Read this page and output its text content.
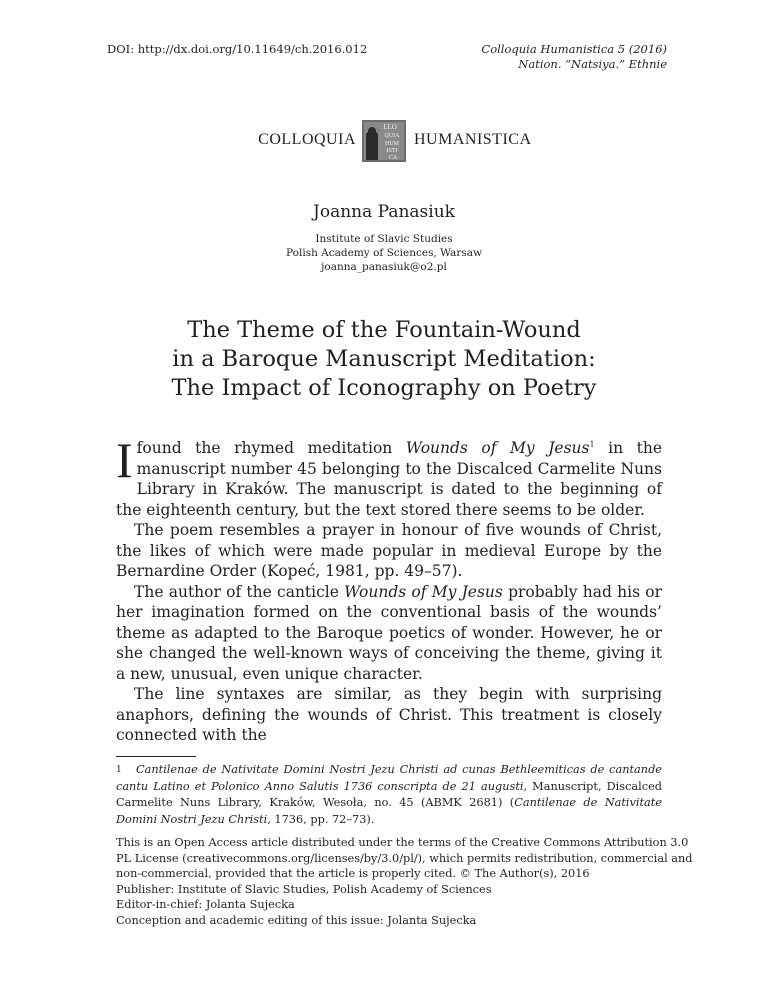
DOI: http://dx.doi.org/10.11649/ch.2016.012	Colloquia Humanistica 5 (2016)
Nation. “Natsiya.” Ethnie
COLLOQUIA
LLO
QUIA
HUM
ISTI
CA
HUMANISTICA
Joanna Panasiuk
Institute of Slavic Studies
Polish Academy of Sciences, Warsaw
joanna_panasiuk@o2.pl
The Theme of the Fountain-Wound
in a Baroque Manuscript Meditation:
The Impact of Iconography on Poetry

I found the rhymed meditation Wounds of My Jesus$^1$ in the manuscript number 45 belonging to the Discalced Carmelite Nuns Library in Kraków. The manuscript is dated to the beginning of the eighteenth century, but the text stored there seems to be older.

The poem resembles a prayer in honour of five wounds of Christ, the likes of which were made popular in medieval Europe by the Bernardine Order (Kopeć, 1981, pp. 49–57).

The author of the canticle Wounds of My Jesus probably had his or her imagination formed on the conventional basis of the wounds’ theme as adapted to the Baroque poetics of wonder. However, he or she changed the well-known ways of conceiving the theme, giving it a new, unusual, even unique character.

The line syntaxes are similar, as they begin with surprising anaphors, defining the wounds of Christ. This treatment is closely connected with the

1 Cantilenae de Nativitate Domini Nostri Jezu Christi ad cunas Bethleemiticas de cantande cantu Latino et Polonico Anno Salutis 1736 conscripta de 21 augusti, Manuscript, Discalced Carmelite Nuns Library, Kraków, Wesoła, no. 45 (ABMK 2681) (Cantilenae de Nativitate Domini Nostri Jezu Christi, 1736, pp. 72–73).
This is an Open Access article distributed under the terms of the Creative Commons Attribution 3.0
PL License (creativecommons.org/licenses/by/3.0/pl/), which permits redistribution, commercial and
non-commercial, provided that the article is properly cited. © The Author(s), 2016
Publisher: Institute of Slavic Studies, Polish Academy of Sciences
Editor-in-chief: Jolanta Sujecka
Conception and academic editing of this issue: Jolanta Sujecka
